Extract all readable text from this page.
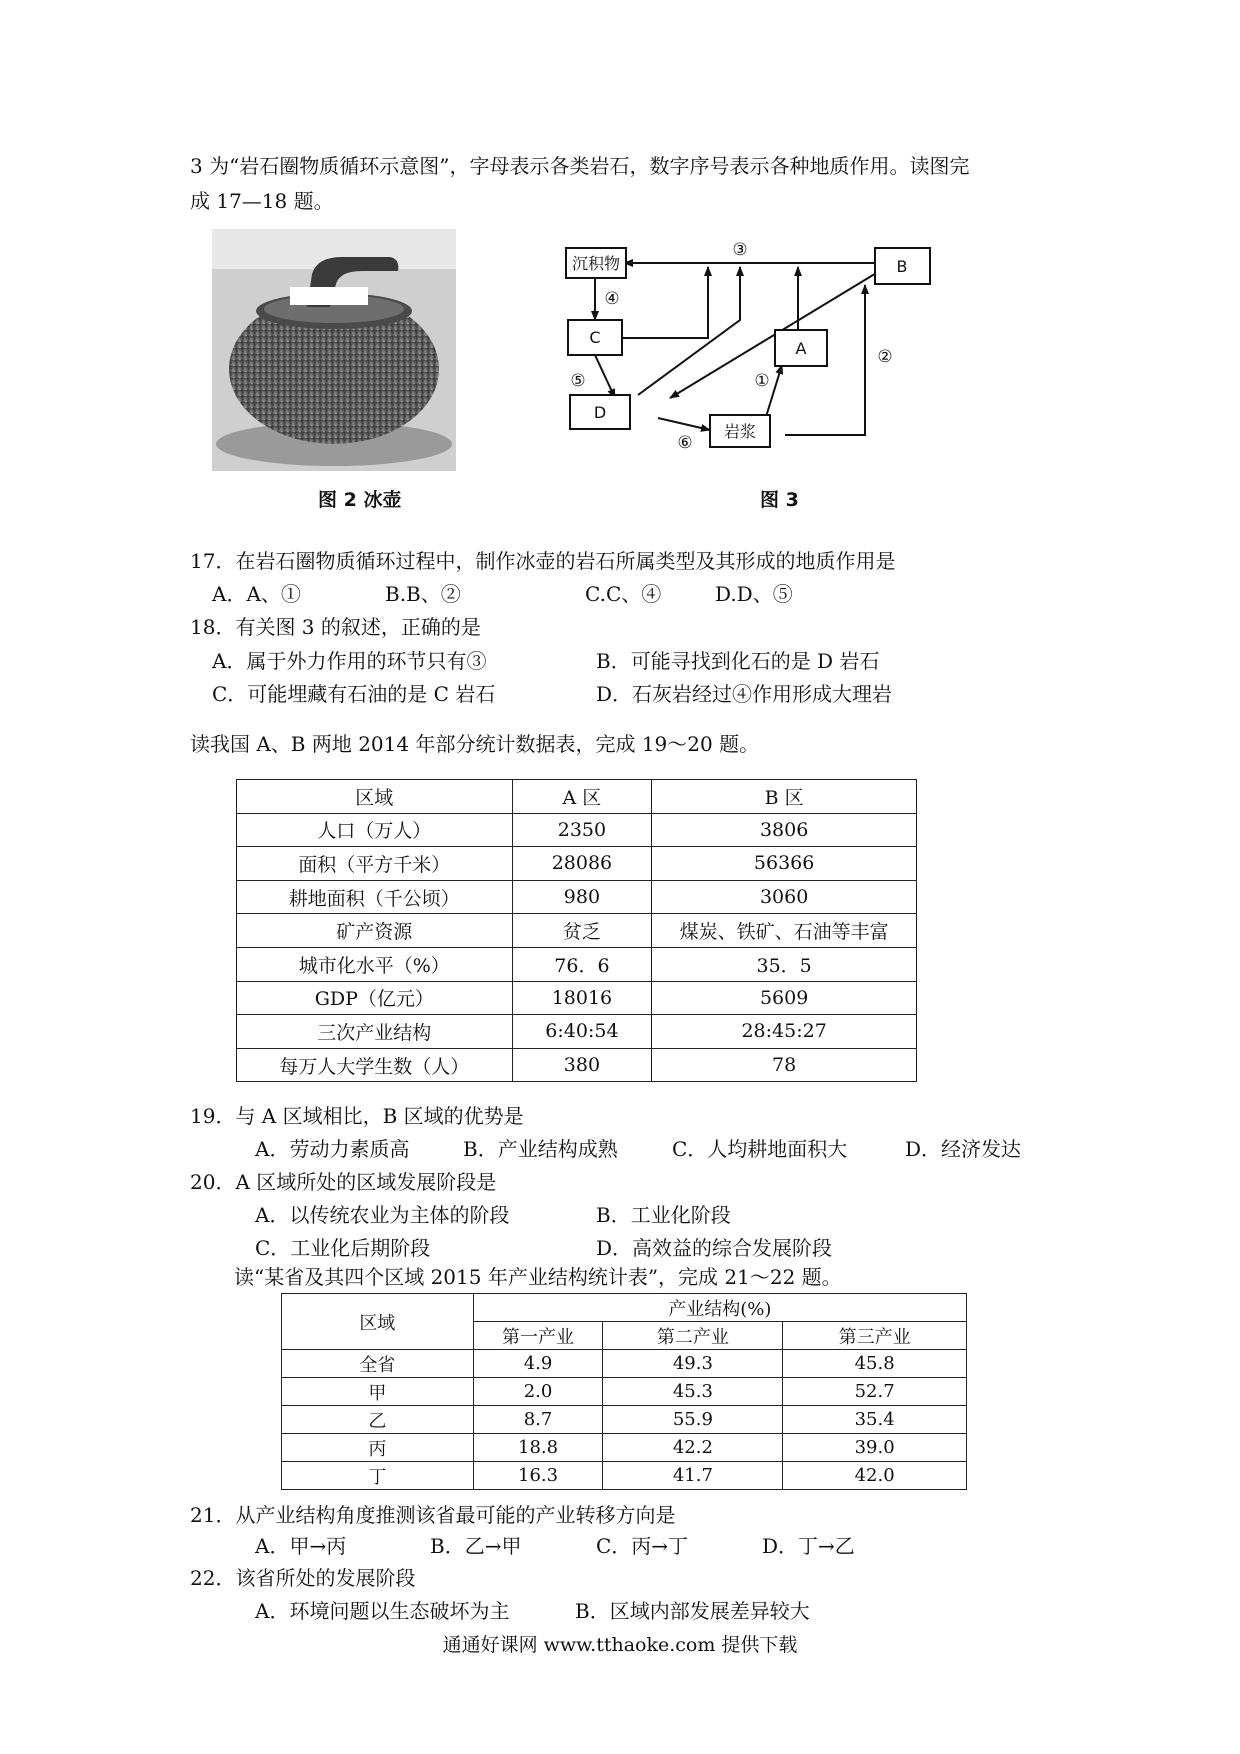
3 为“岩石圈物质循环示意图”，字母表示各类岩石，数字序号表示各种地质作用。读图完
成 17—18 题。
图 2 冰壶
沉积物	B
C
A
D
岩浆
③
④
⑤
⑥
①
②
图 3
17．在岩石圈物质循环过程中，制作冰壶的岩石所属类型及其形成的地质作用是
A．A、①	B.B、②	C.C、④	D.D、⑤
18．有关图 3 的叙述，正确的是
A．属于外力作用的环节只有③	B．可能寻找到化石的是 D 岩石
C．可能埋藏有石油的是 C 岩石	D．石灰岩经过④作用形成大理岩
读我国 A、B 两地 2014 年部分统计数据表，完成 19～20 题。
区域	A 区	B 区
人口（万人）	2350	3806
面积（平方千米）	28086	56366
耕地面积（千公顷）	980	3060
矿产资源	贫乏	煤炭、铁矿、石油等丰富
城市化水平（%）	76．6	35．5
GDP（亿元）	18016	5609
三次产业结构	6:40:54	28:45:27
每万人大学生数（人）	380	78
19．与 A 区域相比，B 区域的优势是
A．劳动力素质高	B．产业结构成熟	C．人均耕地面积大	D．经济发达
20．A 区域所处的区域发展阶段是
A．以传统农业为主体的阶段	B．工业化阶段
C．工业化后期阶段	D．高效益的综合发展阶段
读“某省及其四个区域 2015 年产业结构统计表”，完成 21～22 题。
区域	产业结构(%)		
	第一产业	第二产业	第三产业
全省	4.9	49.3	45.8
甲	2.0	45.3	52.7
乙	8.7	55.9	35.4
丙	18.8	42.2	39.0
丁	16.3	41.7	42.0
21．从产业结构角度推测该省最可能的产业转移方向是
A．甲→丙	B．乙→甲	C．丙→丁	D．丁→乙
22．该省所处的发展阶段
A．环境问题以生态破坏为主	B．区域内部发展差异较大
通通好课网 www.tthaoke.com 提供下载
